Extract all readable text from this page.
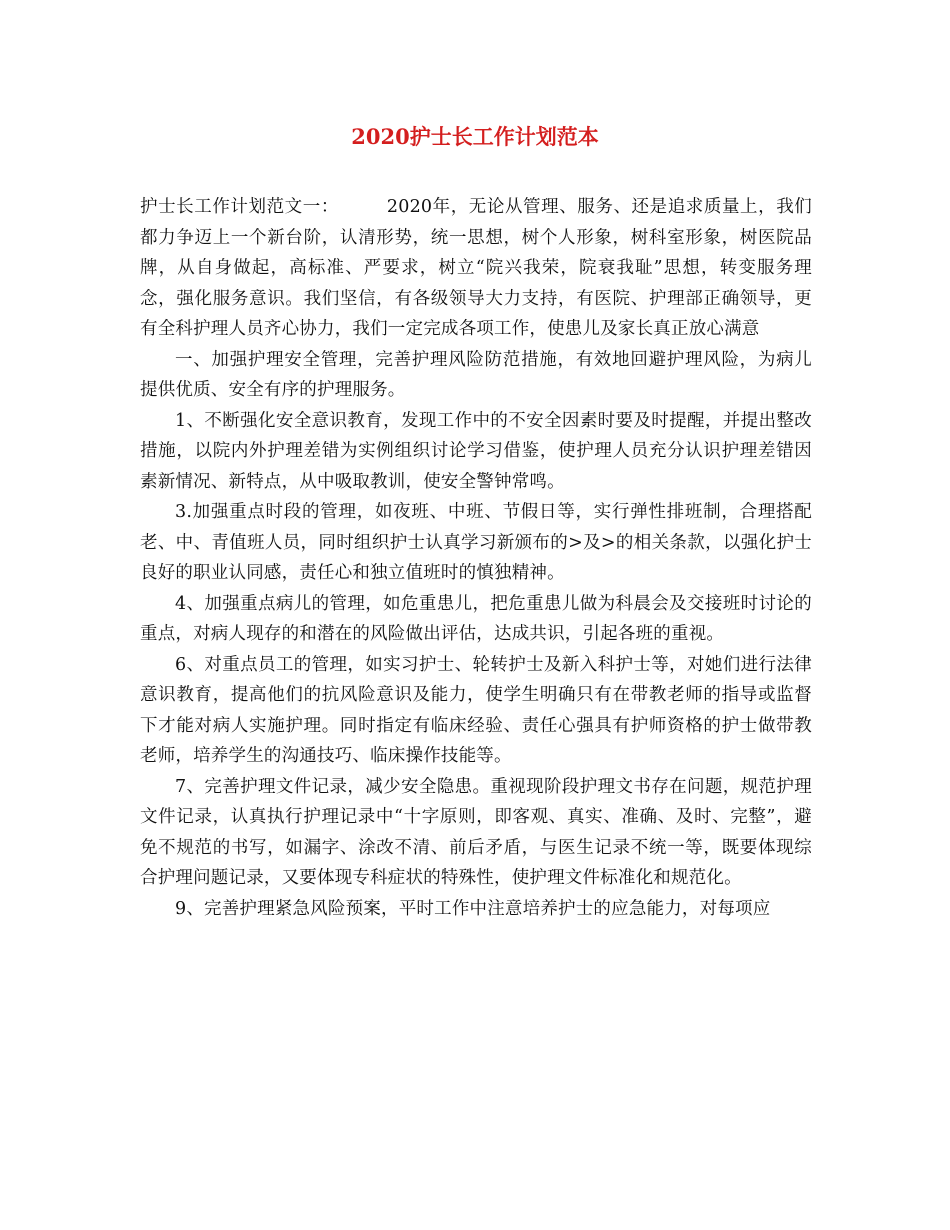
2020护士长工作计划范本

护士长工作计划范文一：	2020年，无论从管理、服务、还是追求质量上，我们都力争迈上一个新台阶，认清形势，统一思想，树个人形象，树科室形象，树医院品牌，从自身做起，高标准、严要求，树立“院兴我荣，院衰我耻”思想，转变服务理念，强化服务意识。我们坚信，有各级领导大力支持，有医院、护理部正确领导，更有全科护理人员齐心协力，我们一定完成各项工作，使患儿及家长真正放心满意

一、加强护理安全管理，完善护理风险防范措施，有效地回避护理风险，为病儿提供优质、安全有序的护理服务。

1、不断强化安全意识教育，发现工作中的不安全因素时要及时提醒，并提出整改措施，以院内外护理差错为实例组织讨论学习借鉴，使护理人员充分认识护理差错因素新情况、新特点，从中吸取教训，使安全警钟常鸣。

3.加强重点时段的管理，如夜班、中班、节假日等，实行弹性排班制，合理搭配老、中、青值班人员，同时组织护士认真学习新颁布的>及>的相关条款，以强化护士良好的职业认同感，责任心和独立值班时的慎独精神。

4、加强重点病儿的管理，如危重患儿，把危重患儿做为科晨会及交接班时讨论的重点，对病人现存的和潜在的风险做出评估，达成共识，引起各班的重视。

6、对重点员工的管理，如实习护士、轮转护士及新入科护士等，对她们进行法律意识教育，提高他们的抗风险意识及能力，使学生明确只有在带教老师的指导或监督下才能对病人实施护理。同时指定有临床经验、责任心强具有护师资格的护士做带教老师，培养学生的沟通技巧、临床操作技能等。

7、完善护理文件记录，减少安全隐患。重视现阶段护理文书存在问题，规范护理文件记录，认真执行护理记录中“十字原则，即客观、真实、准确、及时、完整”，避免不规范的书写，如漏字、涂改不清、前后矛盾，与医生记录不统一等，既要体现综合护理问题记录，又要体现专科症状的特殊性，使护理文件标准化和规范化。

9、完善护理紧急风险预案，平时工作中注意培养护士的应急能力，对每项应
